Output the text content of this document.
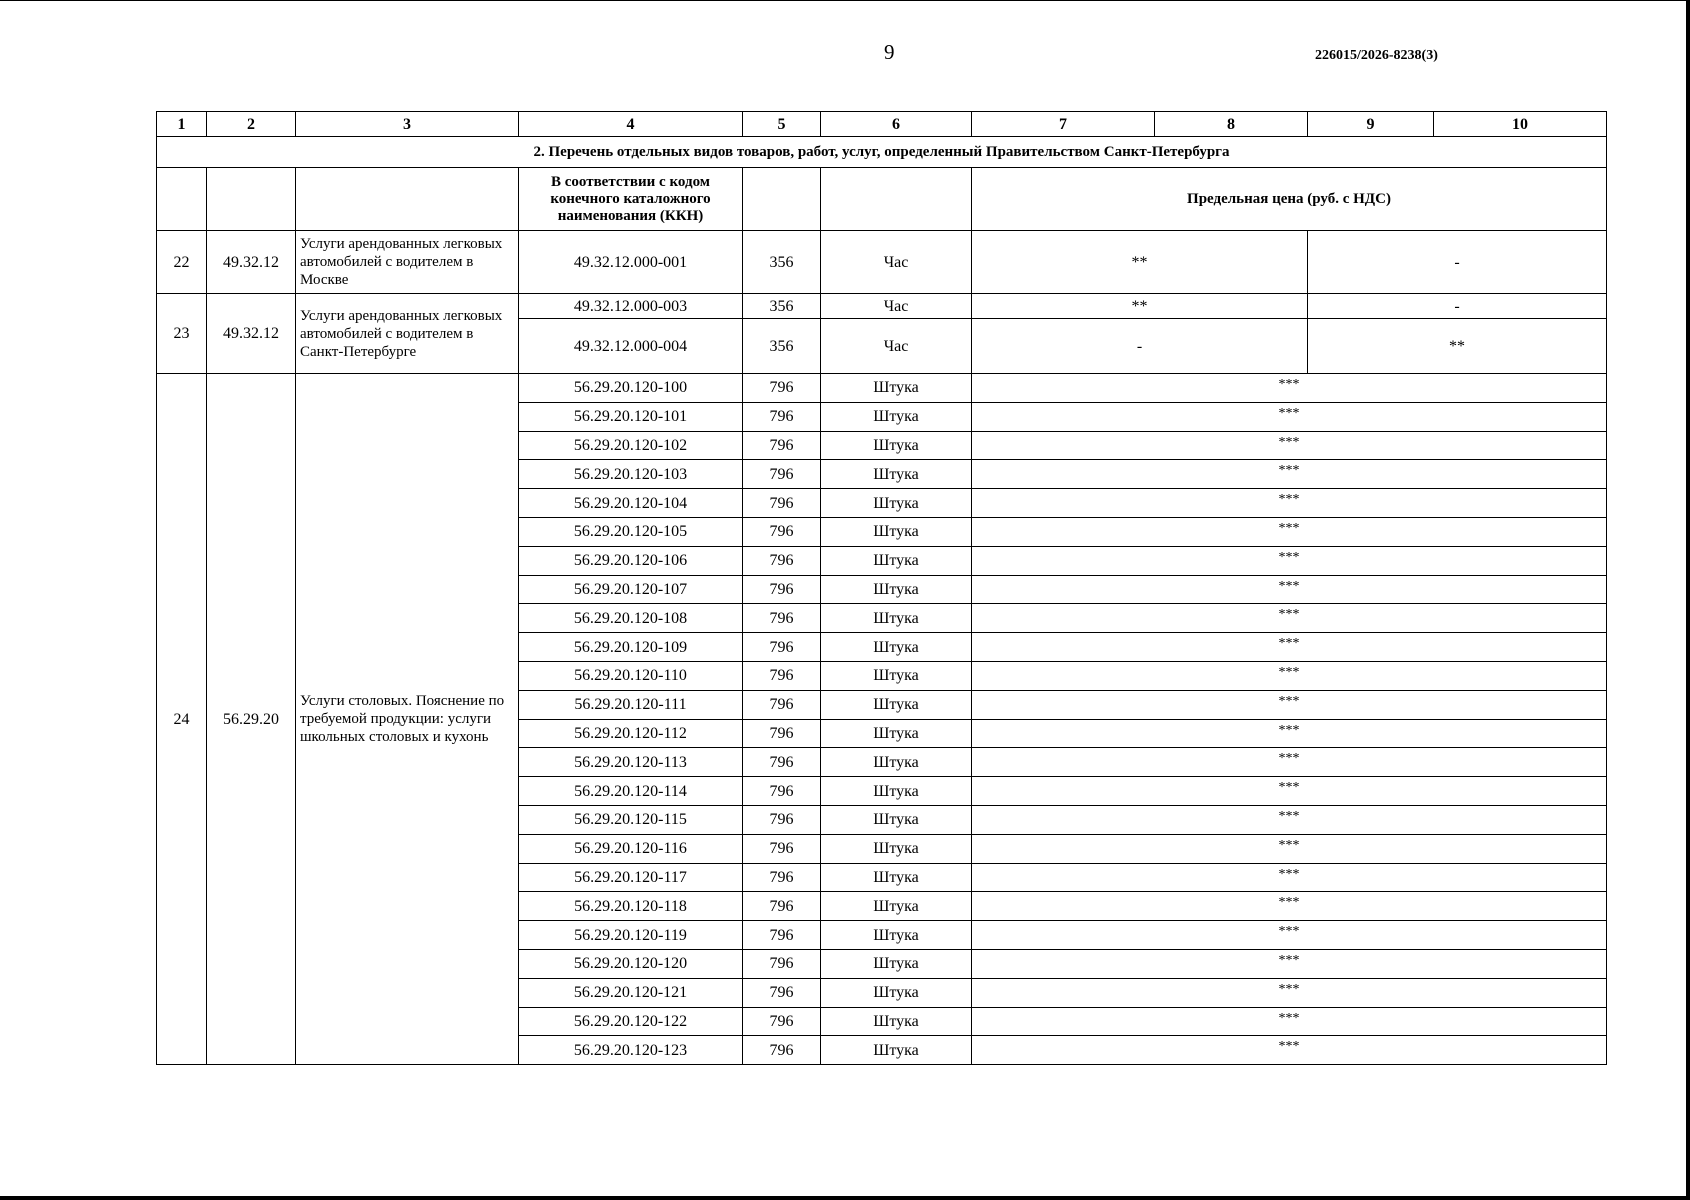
9	226015/2026-8238(3)
1	2	3	4	5	6	7	8	9	10
2. Перечень отдельных видов товаров, работ, услуг, определенный Правительством Санкт-Петербурга									
			В соответствии с кодом конечного каталожного наименования (ККН)			Предельная цена (руб. с НДС)			
22	49.32.12	Услуги арендованных легковых автомобилей с водителем в Москве	49.32.12.000-001	356	Час	**		-	
23	49.32.12	Услуги арендованных легковых автомобилей с водителем в Санкт-Петербурге	49.32.12.000-003	356	Час	**		-	
			49.32.12.000-004	356	Час	-		**	
24	56.29.20	Услуги столовых. Пояснение по требуемой продукции: услуги школьных столовых и кухонь	56.29.20.120-100	796	Штука	***			
			56.29.20.120-101	796	Штука	***			
			56.29.20.120-102	796	Штука	***			
			56.29.20.120-103	796	Штука	***			
			56.29.20.120-104	796	Штука	***			
			56.29.20.120-105	796	Штука	***			
			56.29.20.120-106	796	Штука	***			
			56.29.20.120-107	796	Штука	***			
			56.29.20.120-108	796	Штука	***			
			56.29.20.120-109	796	Штука	***			
			56.29.20.120-110	796	Штука	***			
			56.29.20.120-111	796	Штука	***			
			56.29.20.120-112	796	Штука	***			
			56.29.20.120-113	796	Штука	***			
			56.29.20.120-114	796	Штука	***			
			56.29.20.120-115	796	Штука	***			
			56.29.20.120-116	796	Штука	***			
			56.29.20.120-117	796	Штука	***			
			56.29.20.120-118	796	Штука	***			
			56.29.20.120-119	796	Штука	***			
			56.29.20.120-120	796	Штука	***			
			56.29.20.120-121	796	Штука	***			
			56.29.20.120-122	796	Штука	***			
			56.29.20.120-123	796	Штука	***			
